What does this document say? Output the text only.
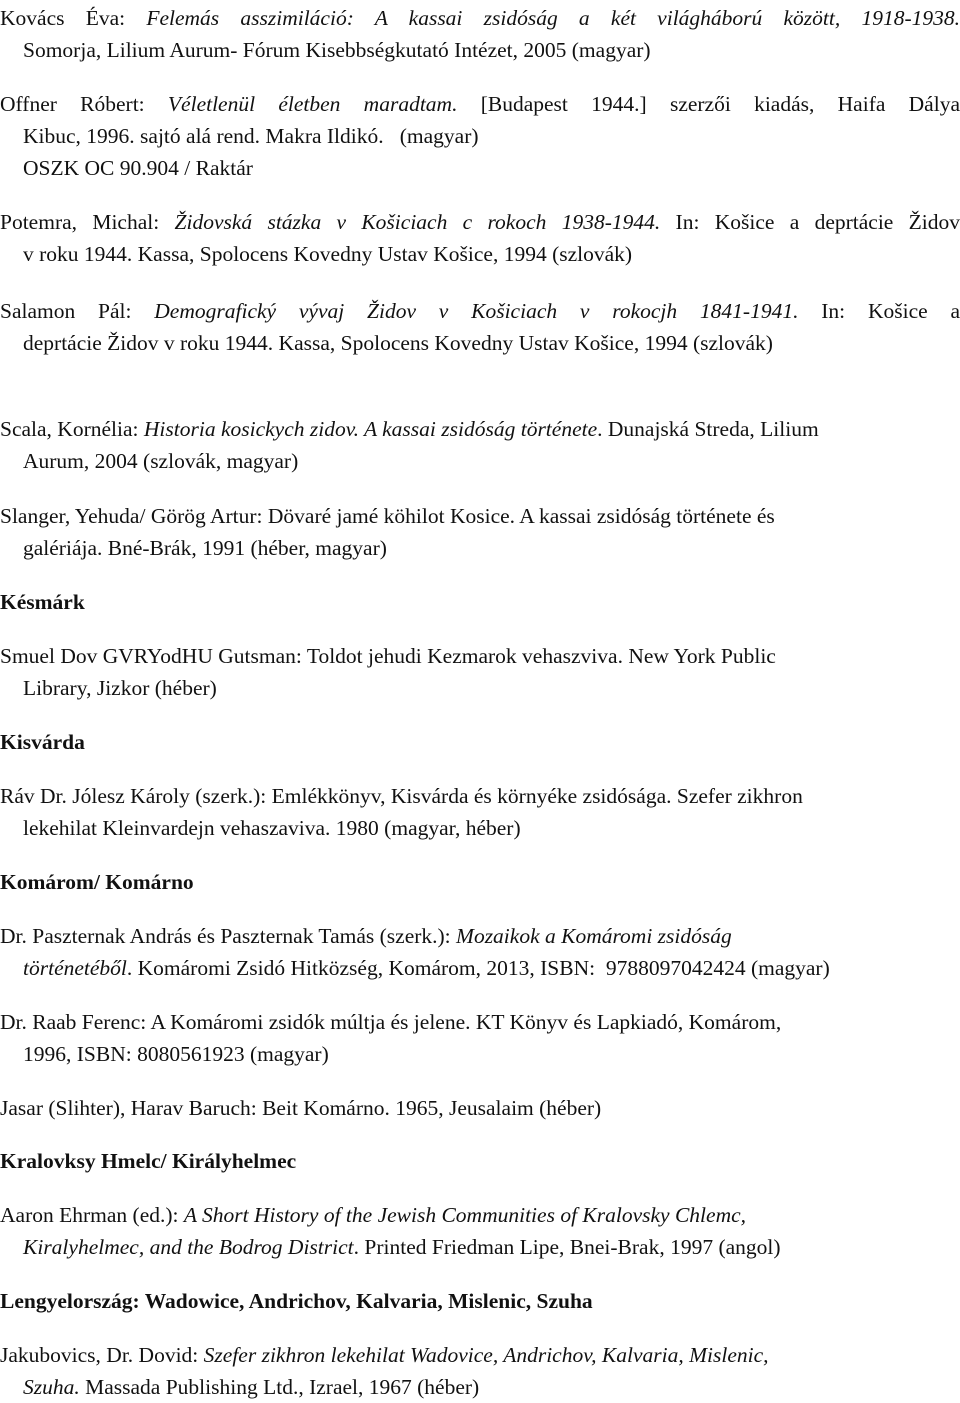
Kovács Éva: Felemás asszimiláció: A kassai zsidóság a két világháború között, 1918-1938.
Somorja, Lilium Aurum- Fórum Kisebbségkutató Intézet, 2005 (magyar)
Offner Róbert: Véletlenül életben maradtam. [Budapest 1944.] szerzői kiadás, Haifa Dálya
Kibuc, 1996. sajtó alá rend. Makra Ildikó.   (magyar)
OSZK OC 90.904 / Raktár
Potemra, Michal: Židovská stázka v Košiciach c rokoch 1938-1944. In: Košice a deprtácie Židov
v roku 1944. Kassa, Spolocens Kovedny Ustav Košice, 1994 (szlovák)
Salamon Pál: Demografický vývaj Židov v Košiciach v rokocjh 1841-1941. In: Košice a
deprtácie Židov v roku 1944. Kassa, Spolocens Kovedny Ustav Košice, 1994 (szlovák)
Scala, Kornélia: Historia kosickych zidov. A kassai zsidóság története. Dunajská Streda, Lilium
Aurum, 2004 (szlovák, magyar)
Slanger, Yehuda/ Görög Artur: Dövaré jamé köhilot Kosice. A kassai zsidóság története és
galériája. Bné-Brák, 1991 (héber, magyar)
Késmárk
Smuel Dov GVRYodHU Gutsman: Toldot jehudi Kezmarok vehaszviva. New York Public
Library, Jizkor (héber)
Kisvárda
Ráv Dr. Jólesz Károly (szerk.): Emlékkönyv, Kisvárda és környéke zsidósága. Szefer zikhron
lekehilat Kleinvardejn vehaszaviva. 1980 (magyar, héber)
Komárom/ Komárno
Dr. Paszternak András és Paszternak Tamás (szerk.): Mozaikok a Komáromi zsidóság
történetéből. Komáromi Zsidó Hitközség, Komárom, 2013, ISBN:  9788097042424 (magyar)
Dr. Raab Ferenc: A Komáromi zsidók múltja és jelene. KT Könyv és Lapkiadó, Komárom,
1996, ISBN: 8080561923 (magyar)
Jasar (Slihter), Harav Baruch: Beit Komárno. 1965, Jeusalaim (héber)
Kralovksy Hmelc/ Királyhelmec
Aaron Ehrman (ed.): A Short History of the Jewish Communities of Kralovsky Chlemc,
Kiralyhelmec, and the Bodrog District. Printed Friedman Lipe, Bnei-Brak, 1997 (angol)
Lengyelország: Wadowice, Andrichov, Kalvaria, Mislenic, Szuha
Jakubovics, Dr. Dovid: Szefer zikhron lekehilat Wadovice, Andrichov, Kalvaria, Mislenic,
Szuha. Massada Publishing Ltd., Izrael, 1967 (héber)
